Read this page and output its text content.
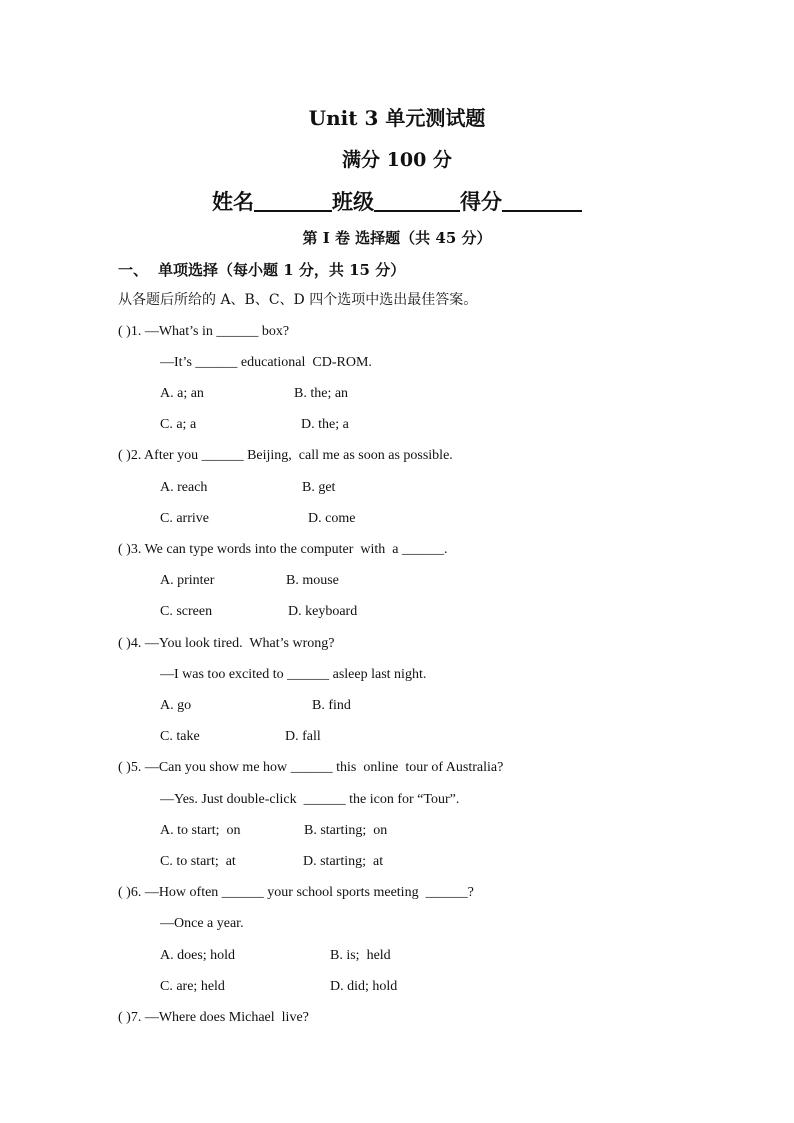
Unit 3 单元测试题
满分 100 分
姓名	班级	得分
第 I 卷 选择题（共 45 分）
一、 单项选择（每小题 1 分，共 15 分）
从各题后所给的 A、B、C、D 四个选项中选出最佳答案。
( )1. —What’s in ______ box?
—It’s ______ educational  CD-ROM.
A. a; an	B. the; an
C. a; a	D. the; a
( )2. After you ______ Beijing,  call me as soon as possible.
A. reach	B. get
C. arrive	D. come
( )3. We can type words into the computer  with  a ______.
A. printer	B. mouse
C. screen	D. keyboard
( )4. —You look tired.  What’s wrong?
—I was too excited to ______ asleep last night.
A. go	B. find
C. take	D. fall
( )5. —Can you show me how ______ this  online  tour of Australia?
—Yes. Just double-click  ______ the icon for “Tour”.
A. to start;  on	B. starting;  on
C. to start;  at	D. starting;  at
( )6. —How often ______ your school sports meeting  ______?
—Once a year.
A. does; hold	B. is;  held
C. are; held	D. did; hold
( )7. —Where does Michael  live?
